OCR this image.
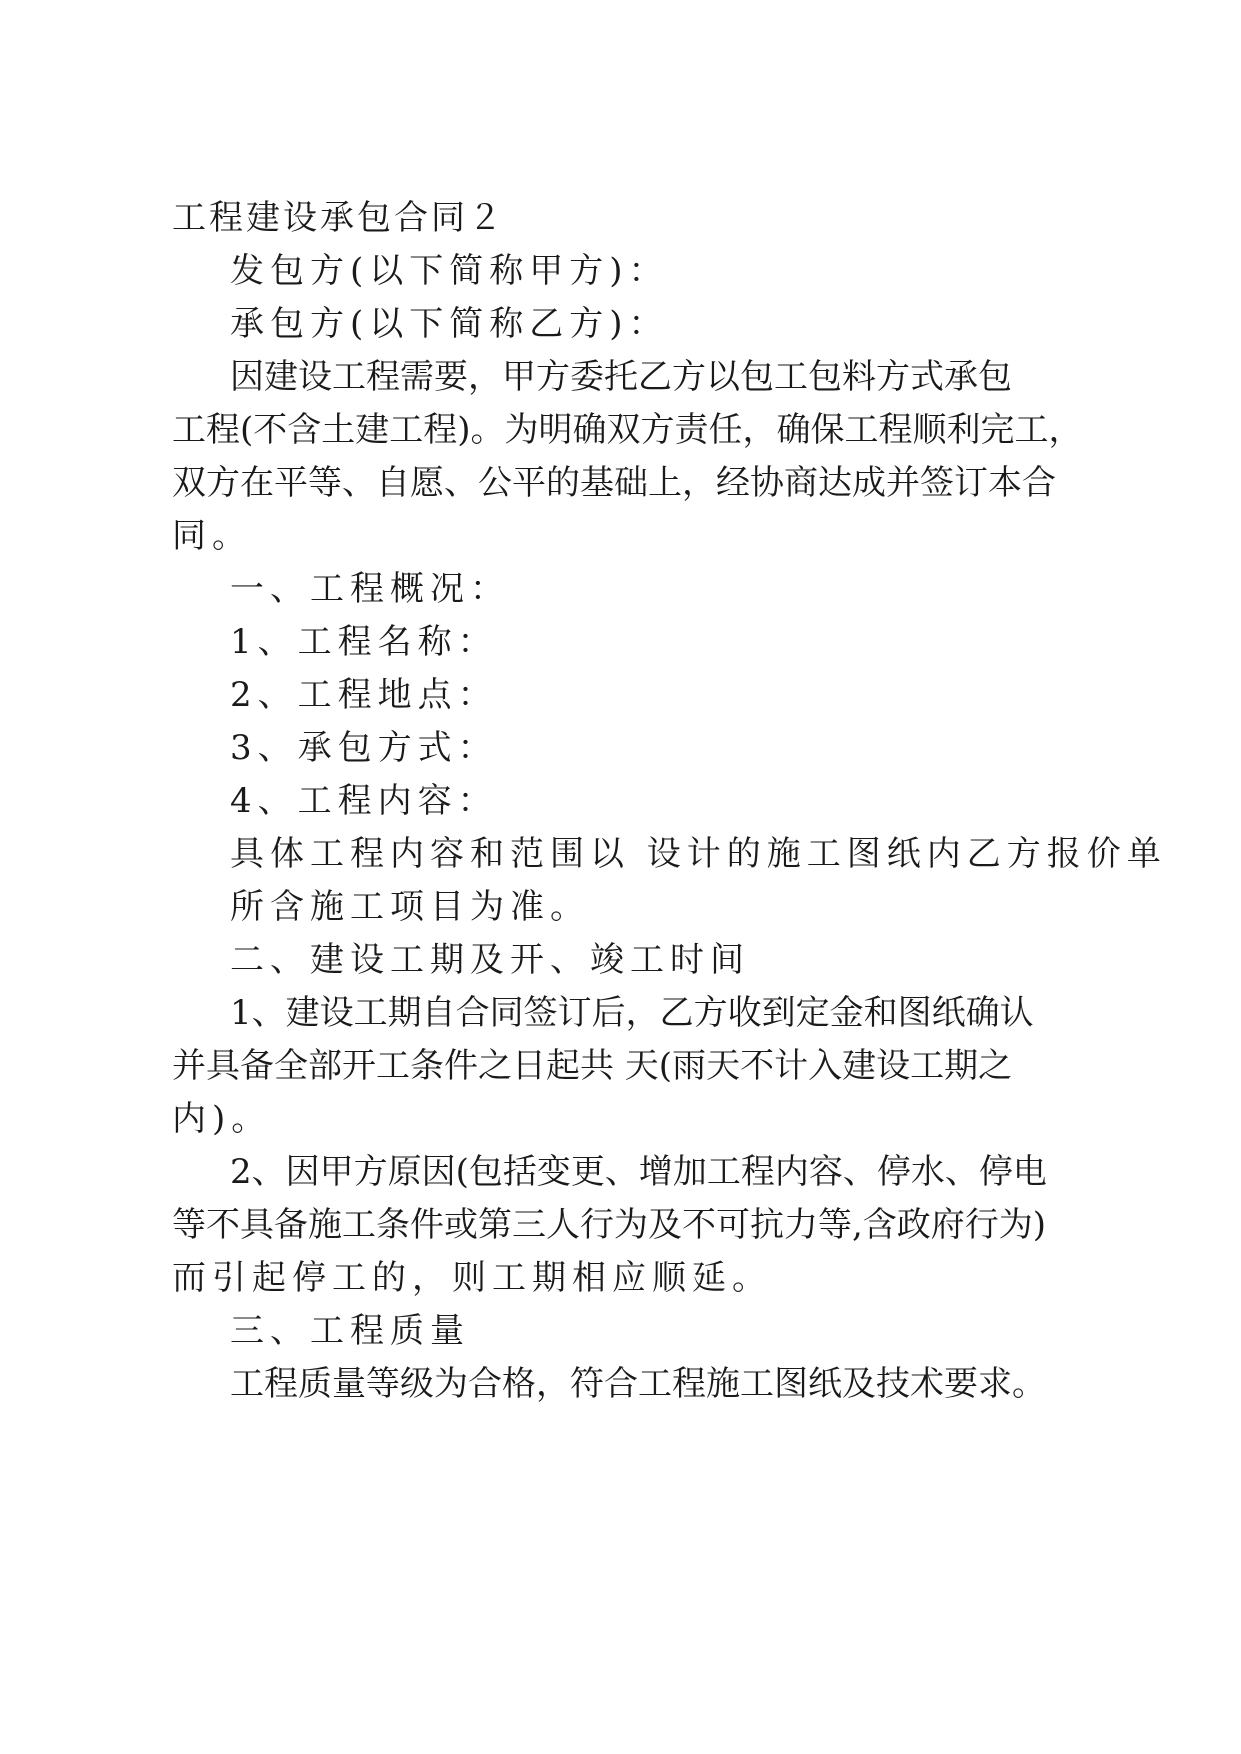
工程建设承包合同２
发包方(以下简称甲方)：
承包方(以下简称乙方)：
因建设工程需要，甲方委托乙方以包工包料方式承包
工程(不含土建工程)。为明确双方责任，确保工程顺利完工，
双方在平等、自愿、公平的基础上，经协商达成并签订本合
同。
一、工程概况：
1、工程名称：
2、工程地点：
3、承包方式：
4、工程内容：
具体工程内容和范围以 设计的施工图纸内乙方报价单
所含施工项目为准。
二、建设工期及开、竣工时间
1、建设工期自合同签订后，乙方收到定金和图纸确认
并具备全部开工条件之日起共 天(雨天不计入建设工期之
内)。
2、因甲方原因(包括变更、增加工程内容、停水、停电
等不具备施工条件或第三人行为及不可抗力等,含政府行为)
而引起停工的，则工期相应顺延。
三、工程质量
工程质量等级为合格，符合工程施工图纸及技术要求。
